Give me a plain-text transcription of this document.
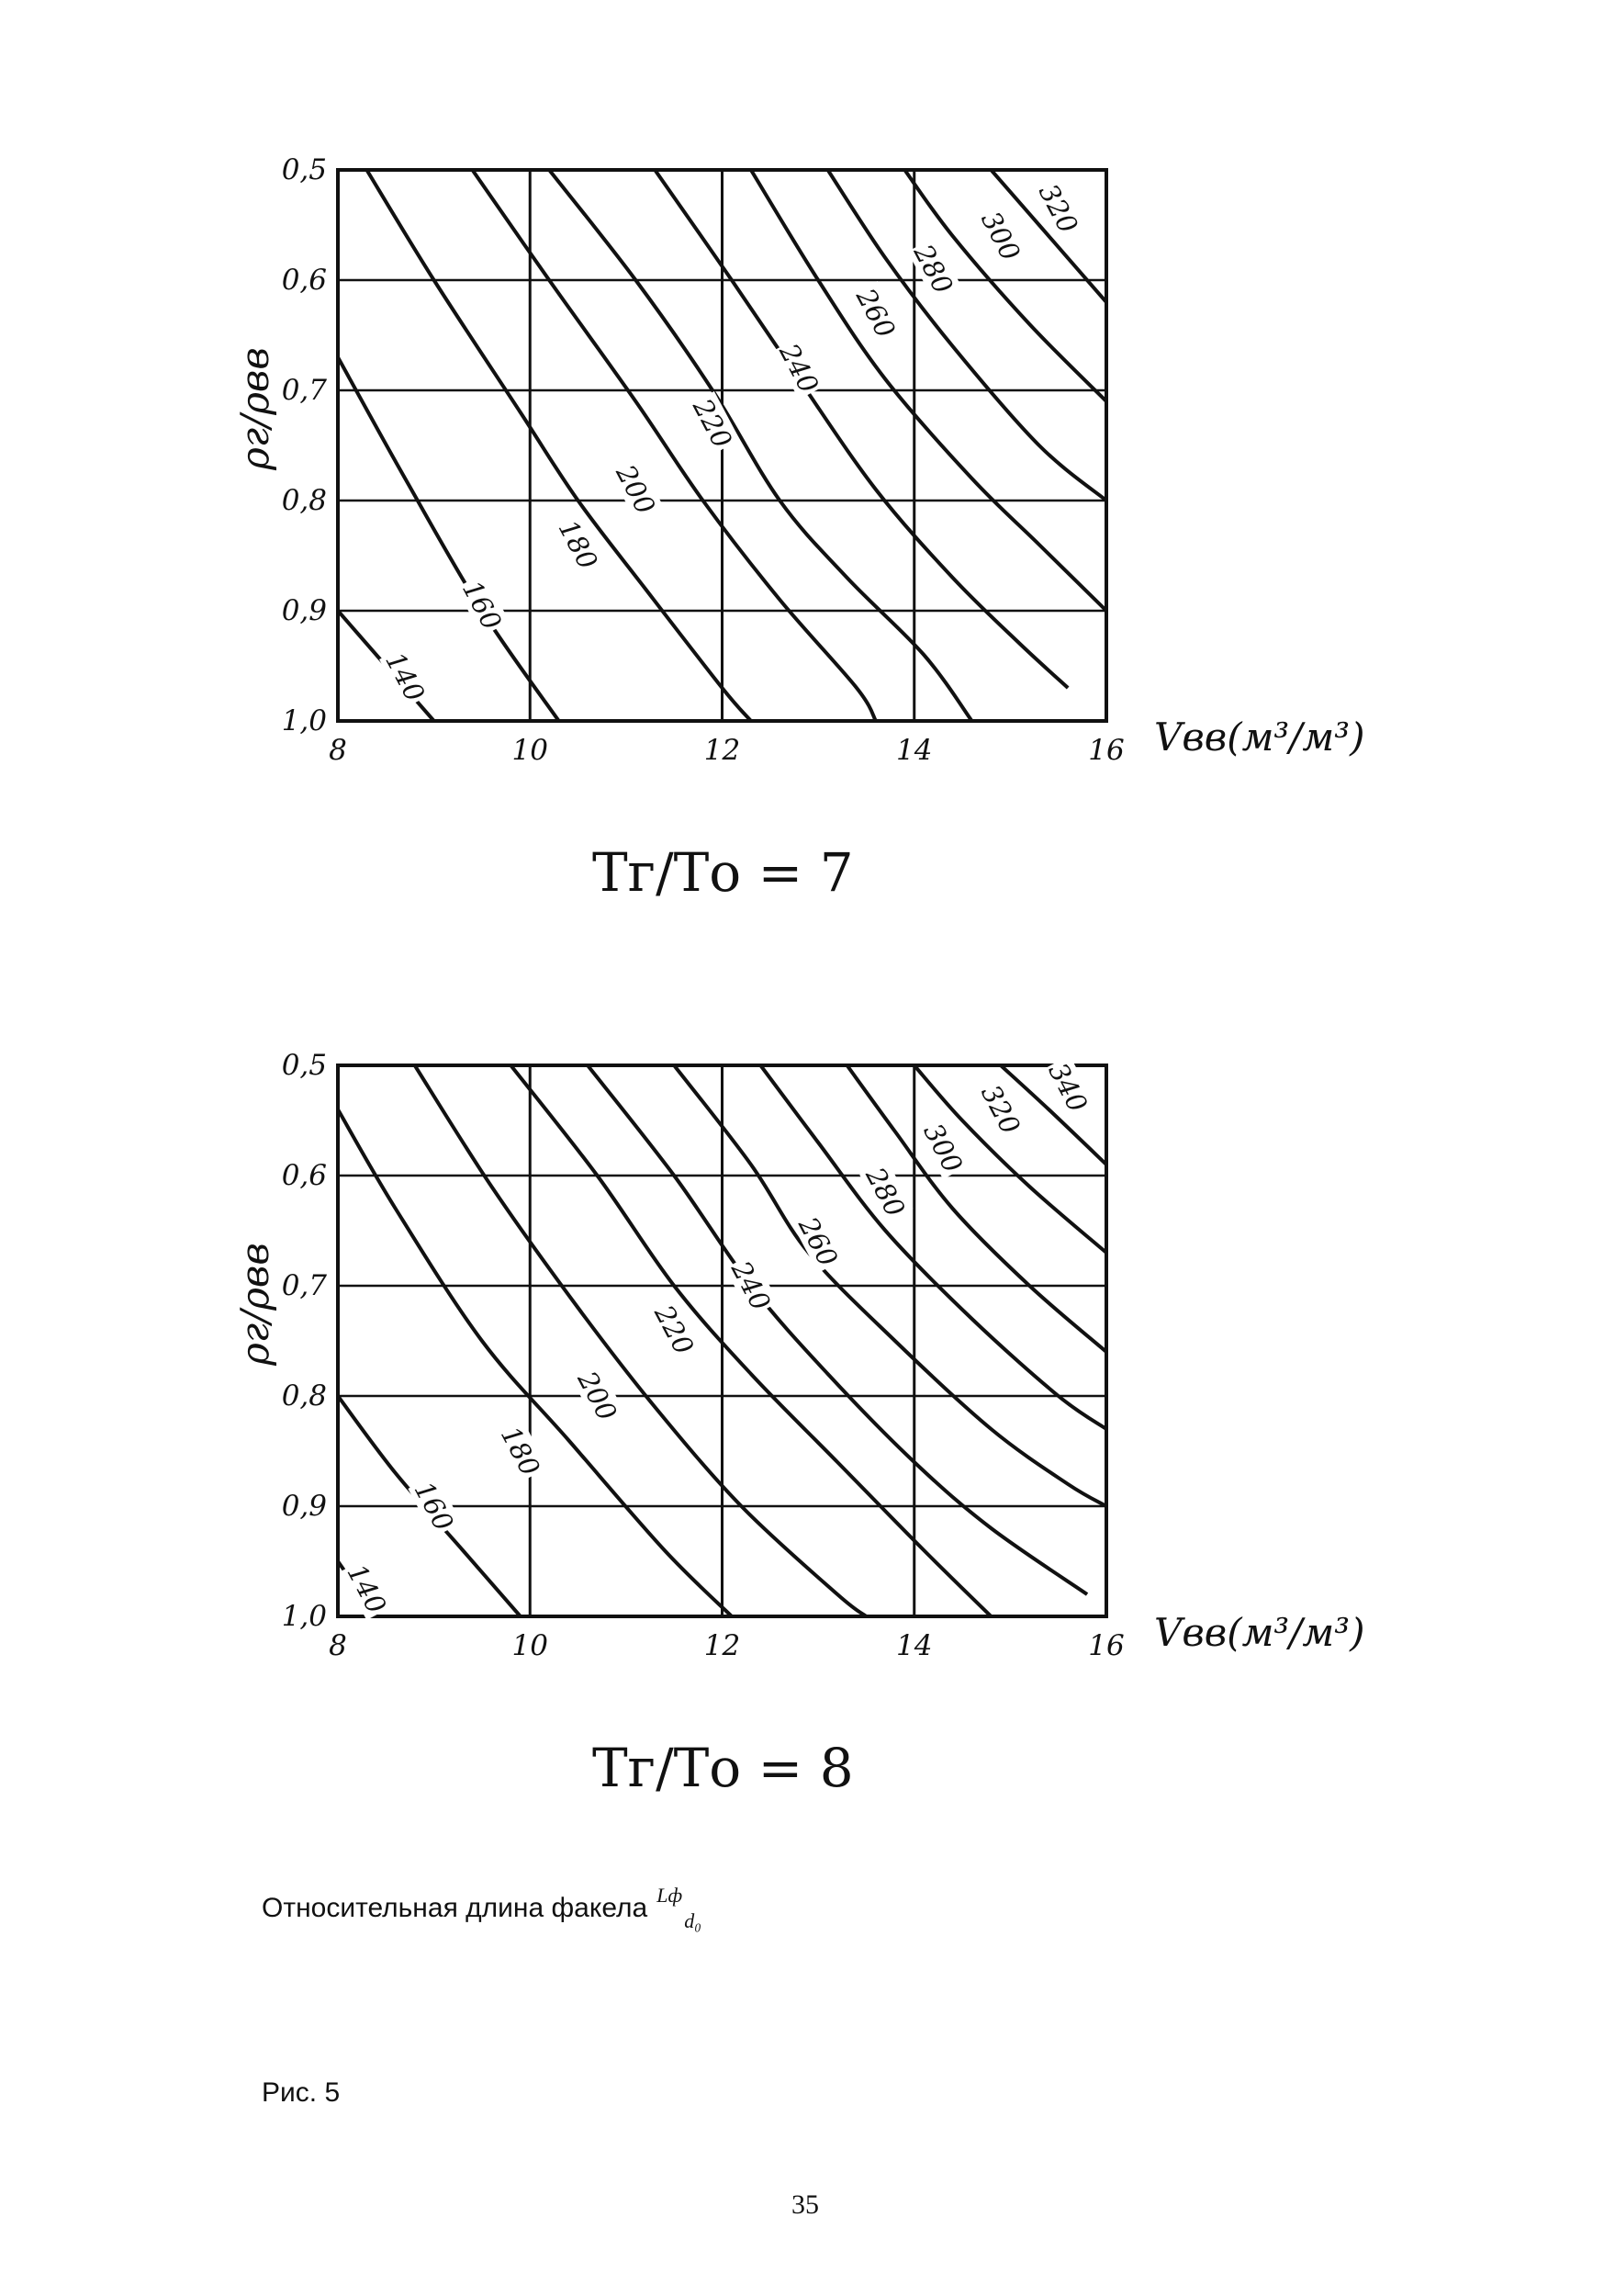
0,5
0,6
0,7
0,8
0,9
1,0
8	10	12	14	16
140
160
180
200
220
240
260
280
300 320
Vвв(м³/м³)
ρг/ρвв
Tг/Tо = 7
0,5
0,6
0,7
0,8
0,9
1,0
8	10	12	14	16
140
160
180
200
220
240
260
280
300
320 340
Vвв(м³/м³)
ρг/ρвв
Tг/Tо = 8
Относительная длина факела Lф
d₀
Рис. 5
35
